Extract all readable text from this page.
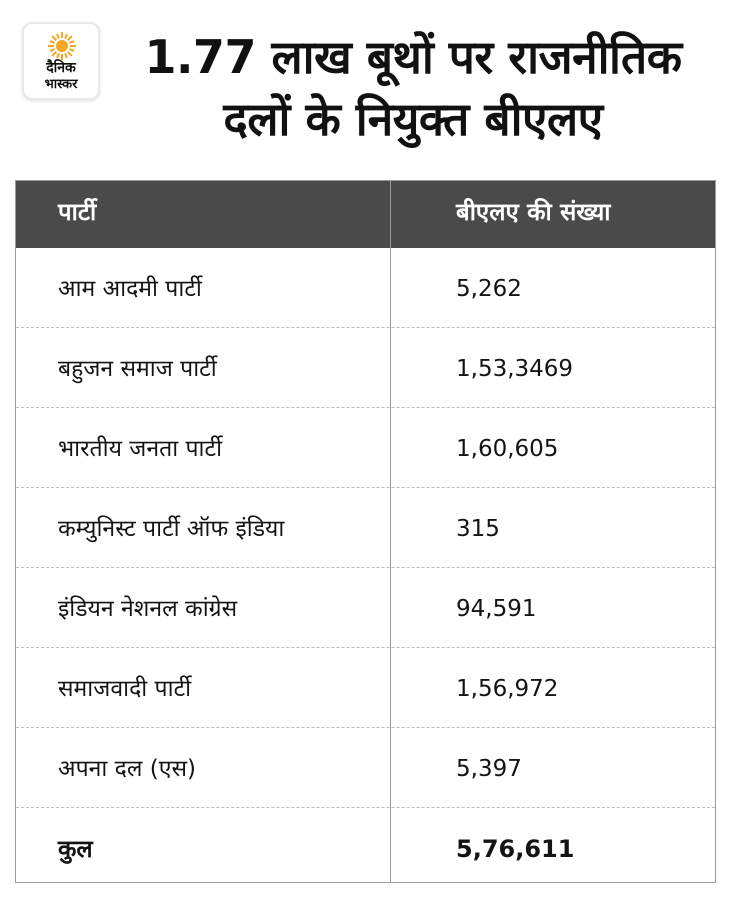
दैनिक
भास्कर
1.77 लाख बूथों पर राजनीतिक
दलों के नियुक्त बीएलए
पार्टी	बीएलए की संख्या
आम आदमी पार्टी	5,262
बहुजन समाज पार्टी	1,53,3469
भारतीय जनता पार्टी	1,60,605
कम्युनिस्ट पार्टी ऑफ इंडिया	315
इंडियन नेशनल कांग्रेस	94,591
समाजवादी पार्टी	1,56,972
अपना दल (एस)	5,397
कुल	5,76,611
